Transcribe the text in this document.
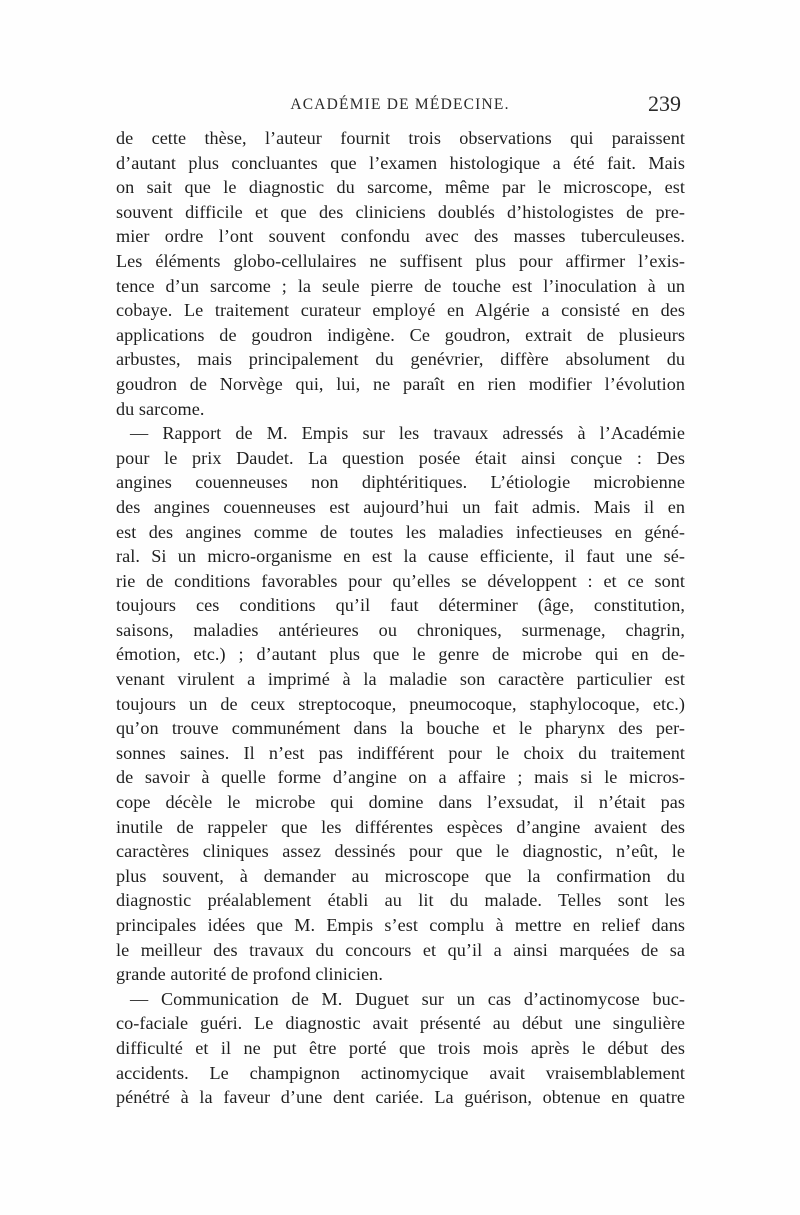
ACADÉMIE DE MÉDECINE.	239
de cette thèse, l’auteur fournit trois observations qui paraissent
d’autant plus concluantes que l’examen histologique a été fait. Mais
on sait que le diagnostic du sarcome, même par le microscope, est
souvent difficile et que des cliniciens doublés d’histologistes de pre-
mier ordre l’ont souvent confondu avec des masses tuberculeuses.
Les éléments globo-cellulaires ne suffisent plus pour affirmer l’exis-
tence d’un sarcome ; la seule pierre de touche est l’inoculation à un
cobaye. Le traitement curateur employé en Algérie a consisté en des
applications de goudron indigène. Ce goudron, extrait de plusieurs
arbustes, mais principalement du genévrier, diffère absolument du
goudron de Norvège qui, lui, ne paraît en rien modifier l’évolution
du sarcome.
— Rapport de M. Empis sur les travaux adressés à l’Académie
pour le prix Daudet. La question posée était ainsi conçue : Des
angines couenneuses non diphtéritiques. L’étiologie microbienne
des angines couenneuses est aujourd’hui un fait admis. Mais il en
est des angines comme de toutes les maladies infectieuses en géné-
ral. Si un micro-organisme en est la cause efficiente, il faut une sé-
rie de conditions favorables pour qu’elles se développent : et ce sont
toujours ces conditions qu’il faut déterminer (âge, constitution,
saisons, maladies antérieures ou chroniques, surmenage, chagrin,
émotion, etc.) ; d’autant plus que le genre de microbe qui en de-
venant virulent a imprimé à la maladie son caractère particulier est
toujours un de ceux streptocoque, pneumocoque, staphylocoque, etc.)
qu’on trouve communément dans la bouche et le pharynx des per-
sonnes saines. Il n’est pas indifférent pour le choix du traitement
de savoir à quelle forme d’angine on a affaire ; mais si le micros-
cope décèle le microbe qui domine dans l’exsudat, il n’était pas
inutile de rappeler que les différentes espèces d’angine avaient des
caractères cliniques assez dessinés pour que le diagnostic, n’eût, le
plus souvent, à demander au microscope que la confirmation du
diagnostic préalablement établi au lit du malade. Telles sont les
principales idées que M. Empis s’est complu à mettre en relief dans
le meilleur des travaux du concours et qu’il a ainsi marquées de sa
grande autorité de profond clinicien.
— Communication de M. Duguet sur un cas d’actinomycose buc-
co-faciale guéri. Le diagnostic avait présenté au début une singulière
difficulté et il ne put être porté que trois mois après le début des
accidents. Le champignon actinomycique avait vraisemblablement
pénétré à la faveur d’une dent cariée. La guérison, obtenue en quatre
